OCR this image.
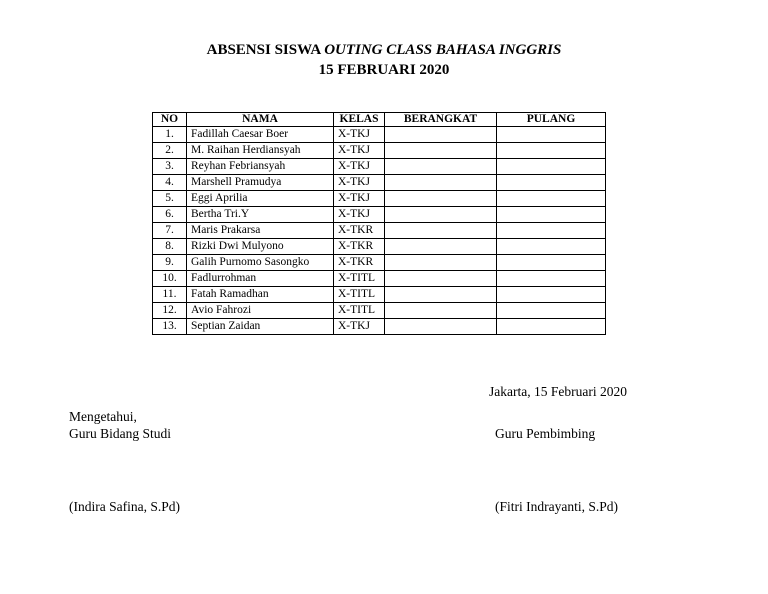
ABSENSI SISWA OUTING CLASS BAHASA INGGRIS
15 FEBRUARI 2020
NO	NAMA	KELAS	BERANGKAT	PULANG
1.	Fadillah Caesar Boer	X-TKJ		
2.	M. Raihan Herdiansyah	X-TKJ		
3.	Reyhan Febriansyah	X-TKJ		
4.	Marshell Pramudya	X-TKJ		
5.	Eggi Aprilia	X-TKJ		
6.	Bertha Tri.Y	X-TKJ		
7.	Maris Prakarsa	X-TKR		
8.	Rizki Dwi Mulyono	X-TKR		
9.	Galih Purnomo Sasongko	X-TKR		
10.	Fadlurrohman	X-TITL		
11.	Fatah Ramadhan	X-TITL		
12.	Avio Fahrozi	X-TITL		
13.	Septian Zaidan	X-TKJ		
Jakarta, 15 Februari 2020
Mengetahui,
Guru Bidang Studi	Guru Pembimbing
(Indira Safina, S.Pd)	(Fitri Indrayanti, S.Pd)
